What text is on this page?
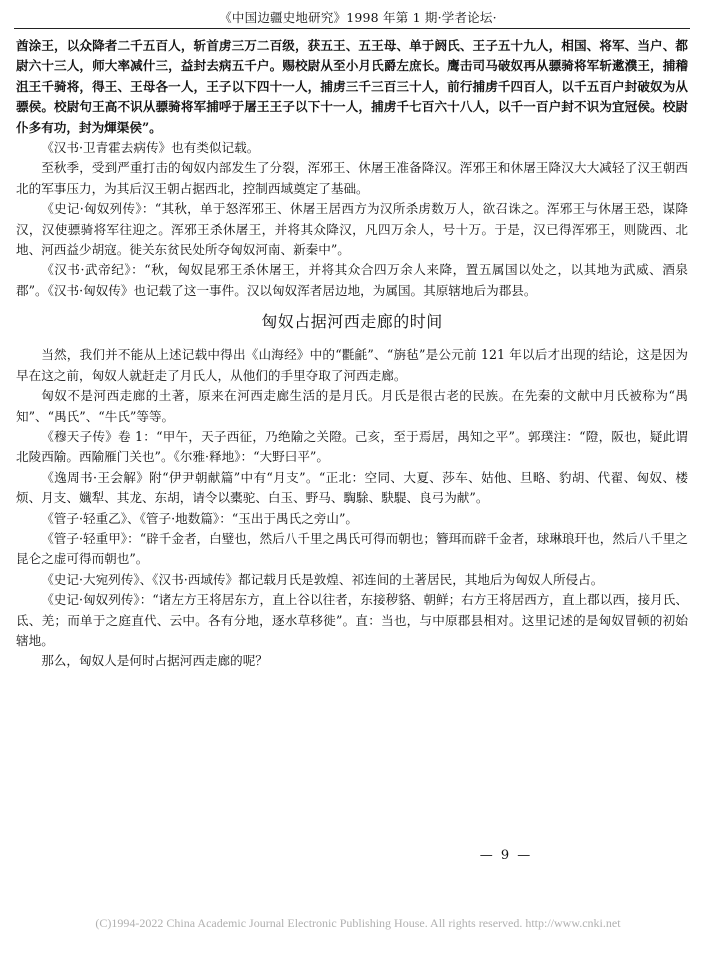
《中国边疆史地研究》1998 年第 1 期·学者论坛·

酋涂王，以众降者二千五百人，斩首虏三万二百级，获五王、五王母、单于阏氏、王子五十九人，相国、将军、当户、都尉六十三人，师大率减什三，益封去病五千户。赐校尉从至小月氏爵左庶长。鹰击司马破奴再从骠骑将军斩遬濮王，捕稽沮王千骑将，得王、王母各一人，王子以下四十一人，捕虏三千三百三十人，前行捕虏千四百人，以千五百户封破奴为从骠侯。校尉句王高不识从骠骑将军捕呼于屠王王子以下十一人，捕虏千七百六十八人，以千一百户封不识为宜冠侯。校尉仆多有功，封为煇渠侯”。

《汉书·卫青霍去病传》也有类似记载。

至秋季，受到严重打击的匈奴内部发生了分裂，浑邪王、休屠王准备降汉。浑邪王和休屠王降汉大大减轻了汉王朝西北的军事压力，为其后汉王朝占据西北，控制西域奠定了基础。

《史记·匈奴列传》：“其秋，单于怒浑邪王、休屠王居西方为汉所杀虏数万人，欲召诛之。浑邪王与休屠王恐，谋降汉，汉使骠骑将军往迎之。浑邪王杀休屠王，并将其众降汉，凡四万余人，号十万。于是，汉已得浑邪王，则陇西、北地、河西益少胡寇。徙关东贫民处所夺匈奴河南、新秦中”。

《汉书·武帝纪》：“秋，匈奴昆邪王杀休屠王，并将其众合四万余人来降，置五属国以处之，以其地为武威、酒泉郡”。《汉书·匈奴传》也记载了这一事件。汉以匈奴浑者居边地，为属国。其原辖地后为郡县。

匈奴占据河西走廊的时间

当然，我们并不能从上述记载中得出《山海经》中的“氍毹”、“旃毡”是公元前 121 年以后才出现的结论，这是因为早在这之前，匈奴人就赶走了月氏人，从他们的手里夺取了河西走廊。

匈奴不是河西走廊的土著，原来在河西走廊生活的是月氏。月氏是很古老的民族。在先秦的文献中月氏被称为“禺知”、“禺氏”、“牛氏”等等。

《穆天子传》卷 1：“甲午，天子西征，乃绝隃之关隥。己亥，至于焉居，禺知之平”。郭璞注：“隥，阪也，疑此谓北陵西隃。西隃雁门关也”。《尔雅·释地》：“大野曰平”。

《逸周书·王会解》附“伊尹朝献篇”中有“月支”。“正北：空同、大夏、莎车、姑他、旦略、豹胡、代翟、匈奴、楼烦、月支、孅犁、其龙、东胡，请令以橐驼、白玉、野马、騊駼、駃騠、良弓为献”。

《管子·轻重乙》、《管子·地数篇》：“玉出于禺氏之旁山”。

《管子·轻重甲》：“辟千金者，白璧也，然后八千里之禺氏可得而朝也；簪珥而辟千金者，球琳琅玕也，然后八千里之昆仑之虚可得而朝也”。

《史记·大宛列传》、《汉书·西域传》都记载月氏是敦煌、祁连间的土著居民，其地后为匈奴人所侵占。

《史记·匈奴列传》：“诸左方王将居东方，直上谷以往者，东接秽貉、朝鲜；右方王将居西方，直上郡以西，接月氏、氐、羌；而单于之庭直代、云中。各有分地，逐水草移徙”。直：当也，与中原郡县相对。这里记述的是匈奴冒顿的初始辖地。

那么，匈奴人是何时占据河西走廊的呢？

— 9 —
(C)1994-2022 China Academic Journal Electronic Publishing House. All rights reserved. http://www.cnki.net
